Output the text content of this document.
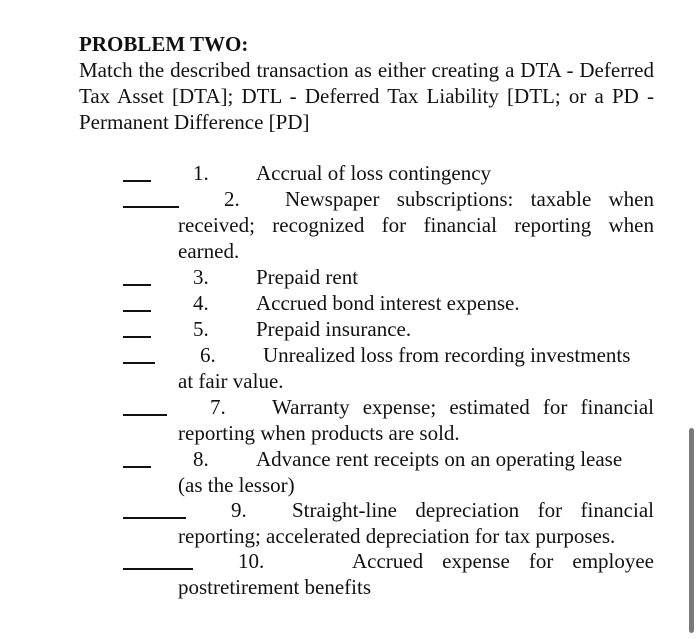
PROBLEM TWO:
Match the described transaction as either creating a DTA - Deferred Tax Asset [DTA]; DTL - Deferred Tax Liability [DTL; or a PD - Permanent Difference [PD]
1. Accrual of loss contingency
2. Newspaper subscriptions: taxable when
received; recognized for financial reporting when earned.
3. Prepaid rent
4. Accrued bond interest expense.
5. Prepaid insurance.
6. Unrealized loss from recording investments
at fair value.
7. Warranty expense; estimated for financial
reporting when products are sold.
8. Advance rent receipts on an operating lease
(as the lessor)
9. Straight-line depreciation for financial
reporting; accelerated depreciation for tax purposes.
10.	Accrued expense for employee
postretirement benefits
